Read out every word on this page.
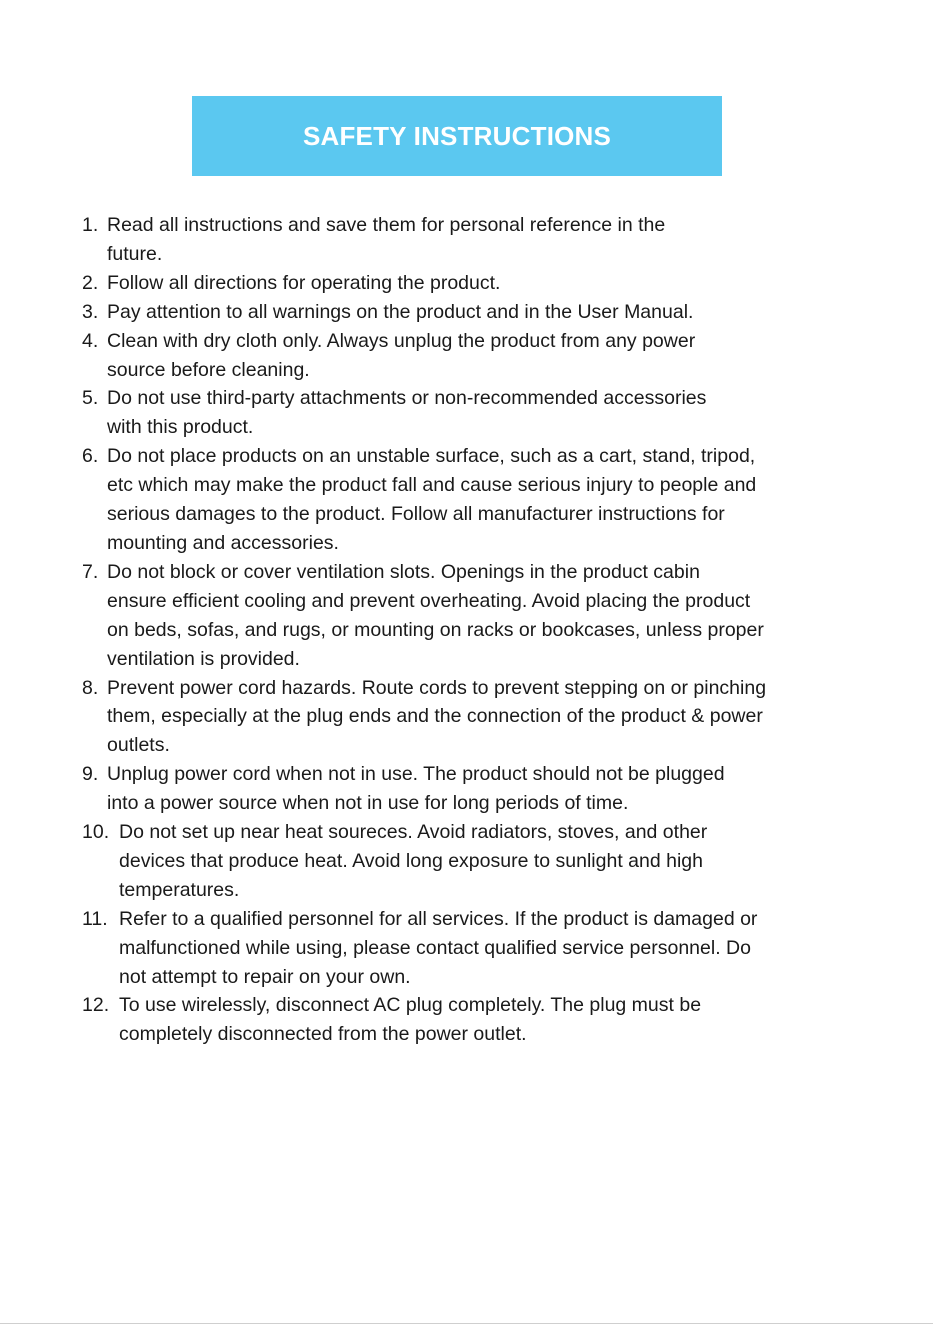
SAFETY INSTRUCTIONS
1. Read all instructions and save them for personal reference in the
future.
2. Follow all directions for operating the product.
3. Pay attention to all warnings on the product and in the User Manual.
4. Clean with dry cloth only. Always unplug the product from any power
source before cleaning.
5. Do not use third-party attachments or non-recommended accessories
with this product.
6. Do not place products on an unstable surface, such as a cart, stand, tripod,
etc which may make the product fall and cause serious injury to people and
serious damages to the product. Follow all manufacturer instructions for
mounting and accessories.
7. Do not block or cover ventilation slots. Openings in the product cabin
ensure efficient cooling and prevent overheating. Avoid placing the product
on beds, sofas, and rugs, or mounting on racks or bookcases, unless proper
ventilation is provided.
8. Prevent power cord hazards. Route cords to prevent stepping on or pinching
them, especially at the plug ends and the connection of the product & power
outlets.
9. Unplug power cord when not in use. The product should not be plugged
into a power source when not in use for long periods of time.
10. Do not set up near heat soureces. Avoid radiators, stoves, and other
devices that produce heat. Avoid long exposure to sunlight and high
temperatures.
11. Refer to a qualified personnel for all services. If the product is damaged or
malfunctioned while using, please contact qualified service personnel. Do
not attempt to repair on your own.
12. To use wirelessly, disconnect AC plug completely. The plug must be
completely disconnected from the power outlet.
